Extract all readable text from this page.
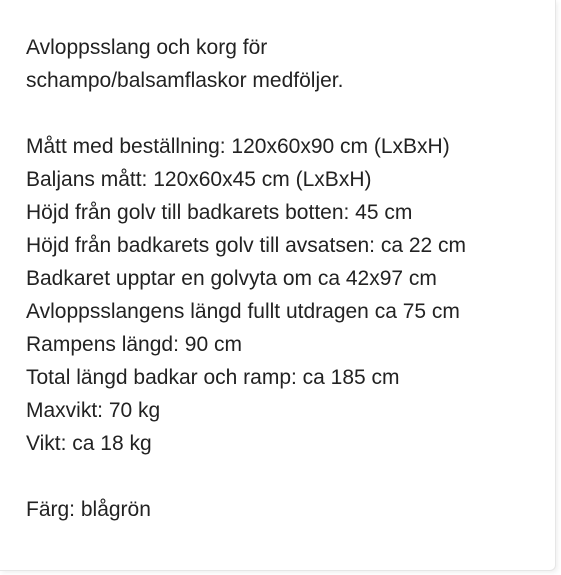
Avloppsslang och korg för
schampo/balsamflaskor medföljer.
Mått med beställning: 120x60x90 cm (LxBxH)
Baljans mått: 120x60x45 cm (LxBxH)
Höjd från golv till badkarets botten: 45 cm
Höjd från badkarets golv till avsatsen: ca 22 cm
Badkaret upptar en golvyta om ca 42x97 cm
Avloppsslangens längd fullt utdragen ca 75 cm
Rampens längd: 90 cm
Total längd badkar och ramp: ca 185 cm
Maxvikt: 70 kg
Vikt: ca 18 kg
Färg: blågrön
